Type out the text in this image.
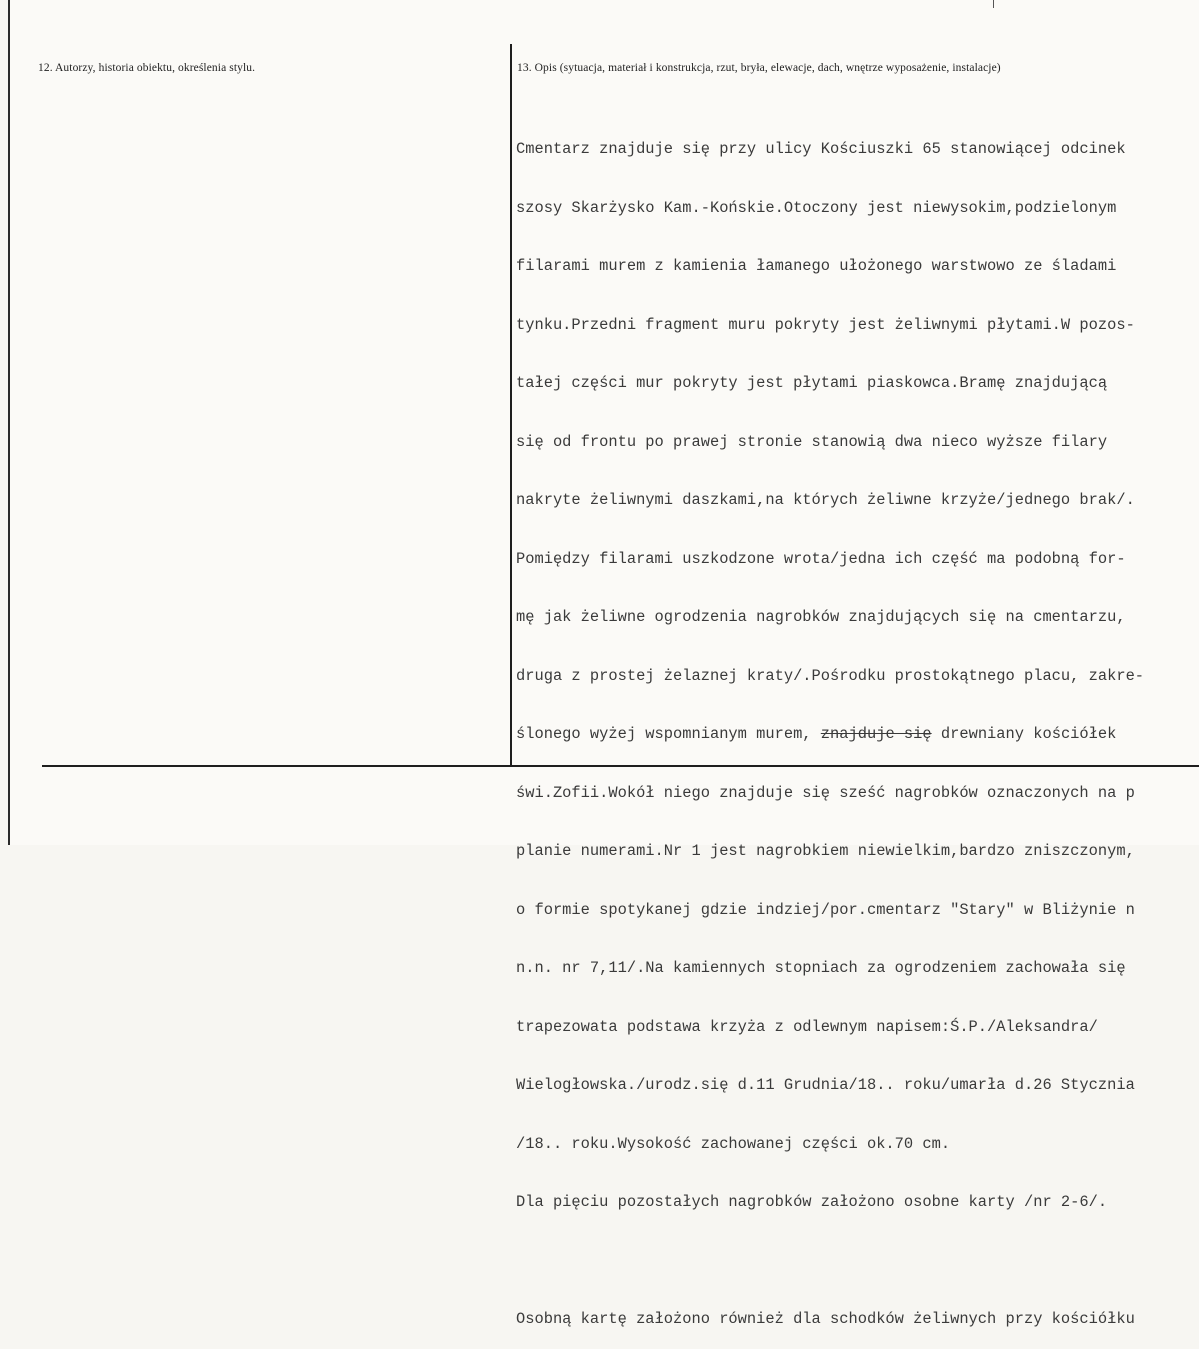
12. Autorzy, historia obiektu, określenia stylu.	13. Opis (sytuacja, materiał i konstrukcja, rzut, bryła, elewacje, dach, wnętrze wyposażenie, instalacje)

Cmentarz znajduje się przy ulicy Kościuszki 65 stanowiącej odcinek

szosy Skarżysko Kam.-Końskie.Otoczony jest niewysokim,podzielonym

filarami murem z kamienia łamanego ułożonego warstwowo ze śladami

tynku.Przedni fragment muru pokryty jest żeliwnymi płytami.W pozos-

tałej części mur pokryty jest płytami piaskowca.Bramę znajdującą

się od frontu po prawej stronie stanowią dwa nieco wyższe filary

nakryte żeliwnymi daszkami,na których żeliwne krzyże/jednego brak/.

Pomiędzy filarami uszkodzone wrota/jedna ich część ma podobną for-

mę jak żeliwne ogrodzenia nagrobków znajdujących się na cmentarzu,

druga z prostej żelaznej kraty/.Pośrodku prostokątnego placu, zakre-

ślonego wyżej wspomnianym murem, znajduje się drewniany kościółek

świ.Zofii.Wokół niego znajduje się sześć nagrobków oznaczonych na p

planie numerami.Nr 1 jest nagrobkiem niewielkim,bardzo zniszczonym,

o formie spotykanej gdzie indziej/por.cmentarz "Stary" w Bliżynie n

n.n. nr 7,11/.Na kamiennych stopniach za ogrodzeniem zachowała się

trapezowata podstawa krzyża z odlewnym napisem:Ś.P./Aleksandra/

Wielogłowska./urodz.się d.11 Grudnia/18.. roku/umarła d.26 Stycznia

/18.. roku.Wysokość zachowanej części ok.70 cm.

Dla pięciu pozostałych nagrobków założono osobne karty /nr 2-6/.

Osobną kartę założono również dla schodków żeliwnych przy kościółku
